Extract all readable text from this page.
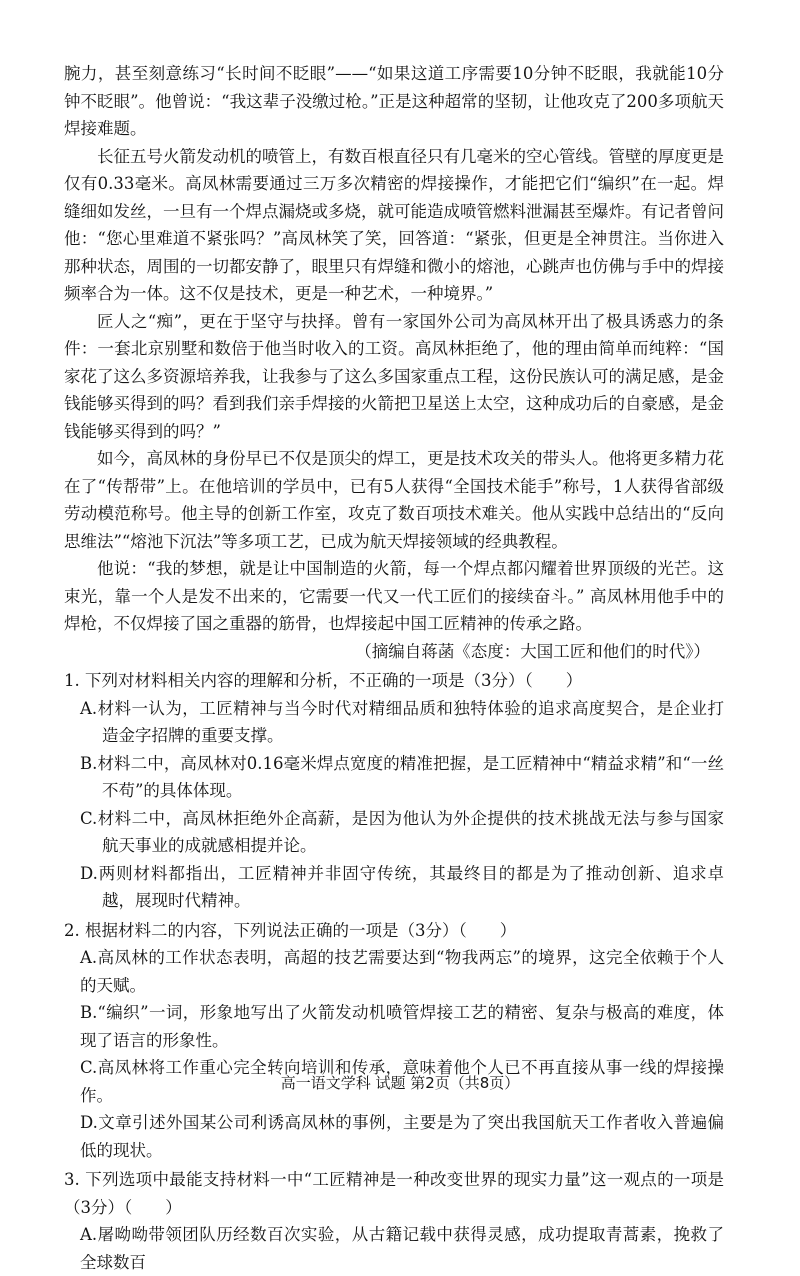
腕力，甚至刻意练习“长时间不眨眼”——“如果这道工序需要10分钟不眨眼，我就能10分钟不眨眼”。他曾说：“我这辈子没缴过枪。”正是这种超常的坚韧，让他攻克了200多项航天焊接难题。

长征五号火箭发动机的喷管上，有数百根直径只有几毫米的空心管线。管壁的厚度更是仅有0.33毫米。高凤林需要通过三万多次精密的焊接操作，才能把它们“编织”在一起。焊缝细如发丝，一旦有一个焊点漏烧或多烧，就可能造成喷管燃料泄漏甚至爆炸。有记者曾问他：“您心里难道不紧张吗？”高凤林笑了笑，回答道：“紧张，但更是全神贯注。当你进入那种状态，周围的一切都安静了，眼里只有焊缝和微小的熔池，心跳声也仿佛与手中的焊接频率合为一体。这不仅是技术，更是一种艺术，一种境界。”

匠人之“痴”，更在于坚守与抉择。曾有一家国外公司为高凤林开出了极具诱惑力的条件：一套北京别墅和数倍于他当时收入的工资。高凤林拒绝了，他的理由简单而纯粹：“国家花了这么多资源培养我，让我参与了这么多国家重点工程，这份民族认可的满足感，是金钱能够买得到的吗？看到我们亲手焊接的火箭把卫星送上太空，这种成功后的自豪感，是金钱能够买得到的吗？”

如今，高凤林的身份早已不仅是顶尖的焊工，更是技术攻关的带头人。他将更多精力花在了“传帮带”上。在他培训的学员中，已有5人获得“全国技术能手”称号，1人获得省部级劳动模范称号。他主导的创新工作室，攻克了数百项技术难关。他从实践中总结出的“反向思维法”“熔池下沉法”等多项工艺，已成为航天焊接领域的经典教程。

他说：“我的梦想，就是让中国制造的火箭，每一个焊点都闪耀着世界顶级的光芒。这束光，靠一个人是发不出来的，它需要一代又一代工匠们的接续奋斗。” 高凤林用他手中的焊枪，不仅焊接了国之重器的筋骨，也焊接起中国工匠精神的传承之路。

（摘编自蒋菡《态度：大国工匠和他们的时代》）

1. 下列对材料相关内容的理解和分析，不正确的一项是（3分）（　　）

A.材料一认为，工匠精神与当今时代对精细品质和独特体验的追求高度契合，是企业打造金字招牌的重要支撑。

B.材料二中，高凤林对0.16毫米焊点宽度的精准把握，是工匠精神中“精益求精”和“一丝不苟”的具体体现。

C.材料二中，高凤林拒绝外企高薪，是因为他认为外企提供的技术挑战无法与参与国家航天事业的成就感相提并论。

D.两则材料都指出，工匠精神并非固守传统，其最终目的都是为了推动创新、追求卓越，展现时代精神。

2. 根据材料二的内容，下列说法正确的一项是（3分）（　　）

A.高凤林的工作状态表明，高超的技艺需要达到“物我两忘”的境界，这完全依赖于个人的天赋。

B.“编织”一词，形象地写出了火箭发动机喷管焊接工艺的精密、复杂与极高的难度，体现了语言的形象性。

C.高凤林将工作重心完全转向培训和传承，意味着他个人已不再直接从事一线的焊接操作。

D.文章引述外国某公司利诱高凤林的事例，主要是为了突出我国航天工作者收入普遍偏低的现状。

3. 下列选项中最能支持材料一中“工匠精神是一种改变世界的现实力量”这一观点的一项是（3分）（　　）

A.屠呦呦带领团队历经数百次实验，从古籍记载中获得灵感，成功提取青蒿素，挽救了全球数百

高一语文学科 试题 第2页（共8页）
